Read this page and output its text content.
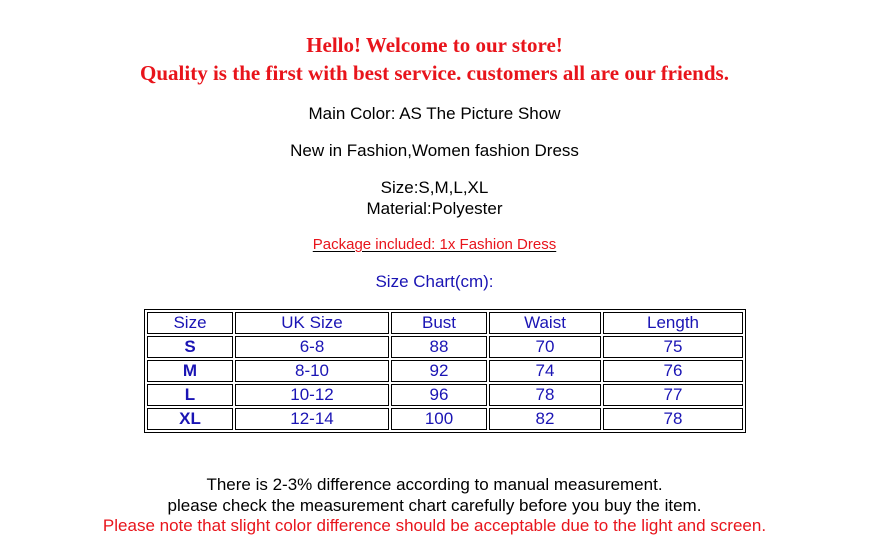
Hello! Welcome to our store!
Quality is the first with best service. customers all are our friends.
Main Color: AS The Picture Show
New in Fashion,Women fashion Dress
Size:S,M,L,XL
Material:Polyester
Package included: 1x Fashion Dress
Size Chart(cm):
Size	UK Size	Bust	Waist	Length
S	6-8	88	70	75
M	8-10	92	74	76
L	10-12	96	78	77
XL	12-14	100	82	78
There is 2-3% difference according to manual measurement.
please check the measurement chart carefully before you buy the item.
Please note that slight color difference should be acceptable due to the light and screen.
